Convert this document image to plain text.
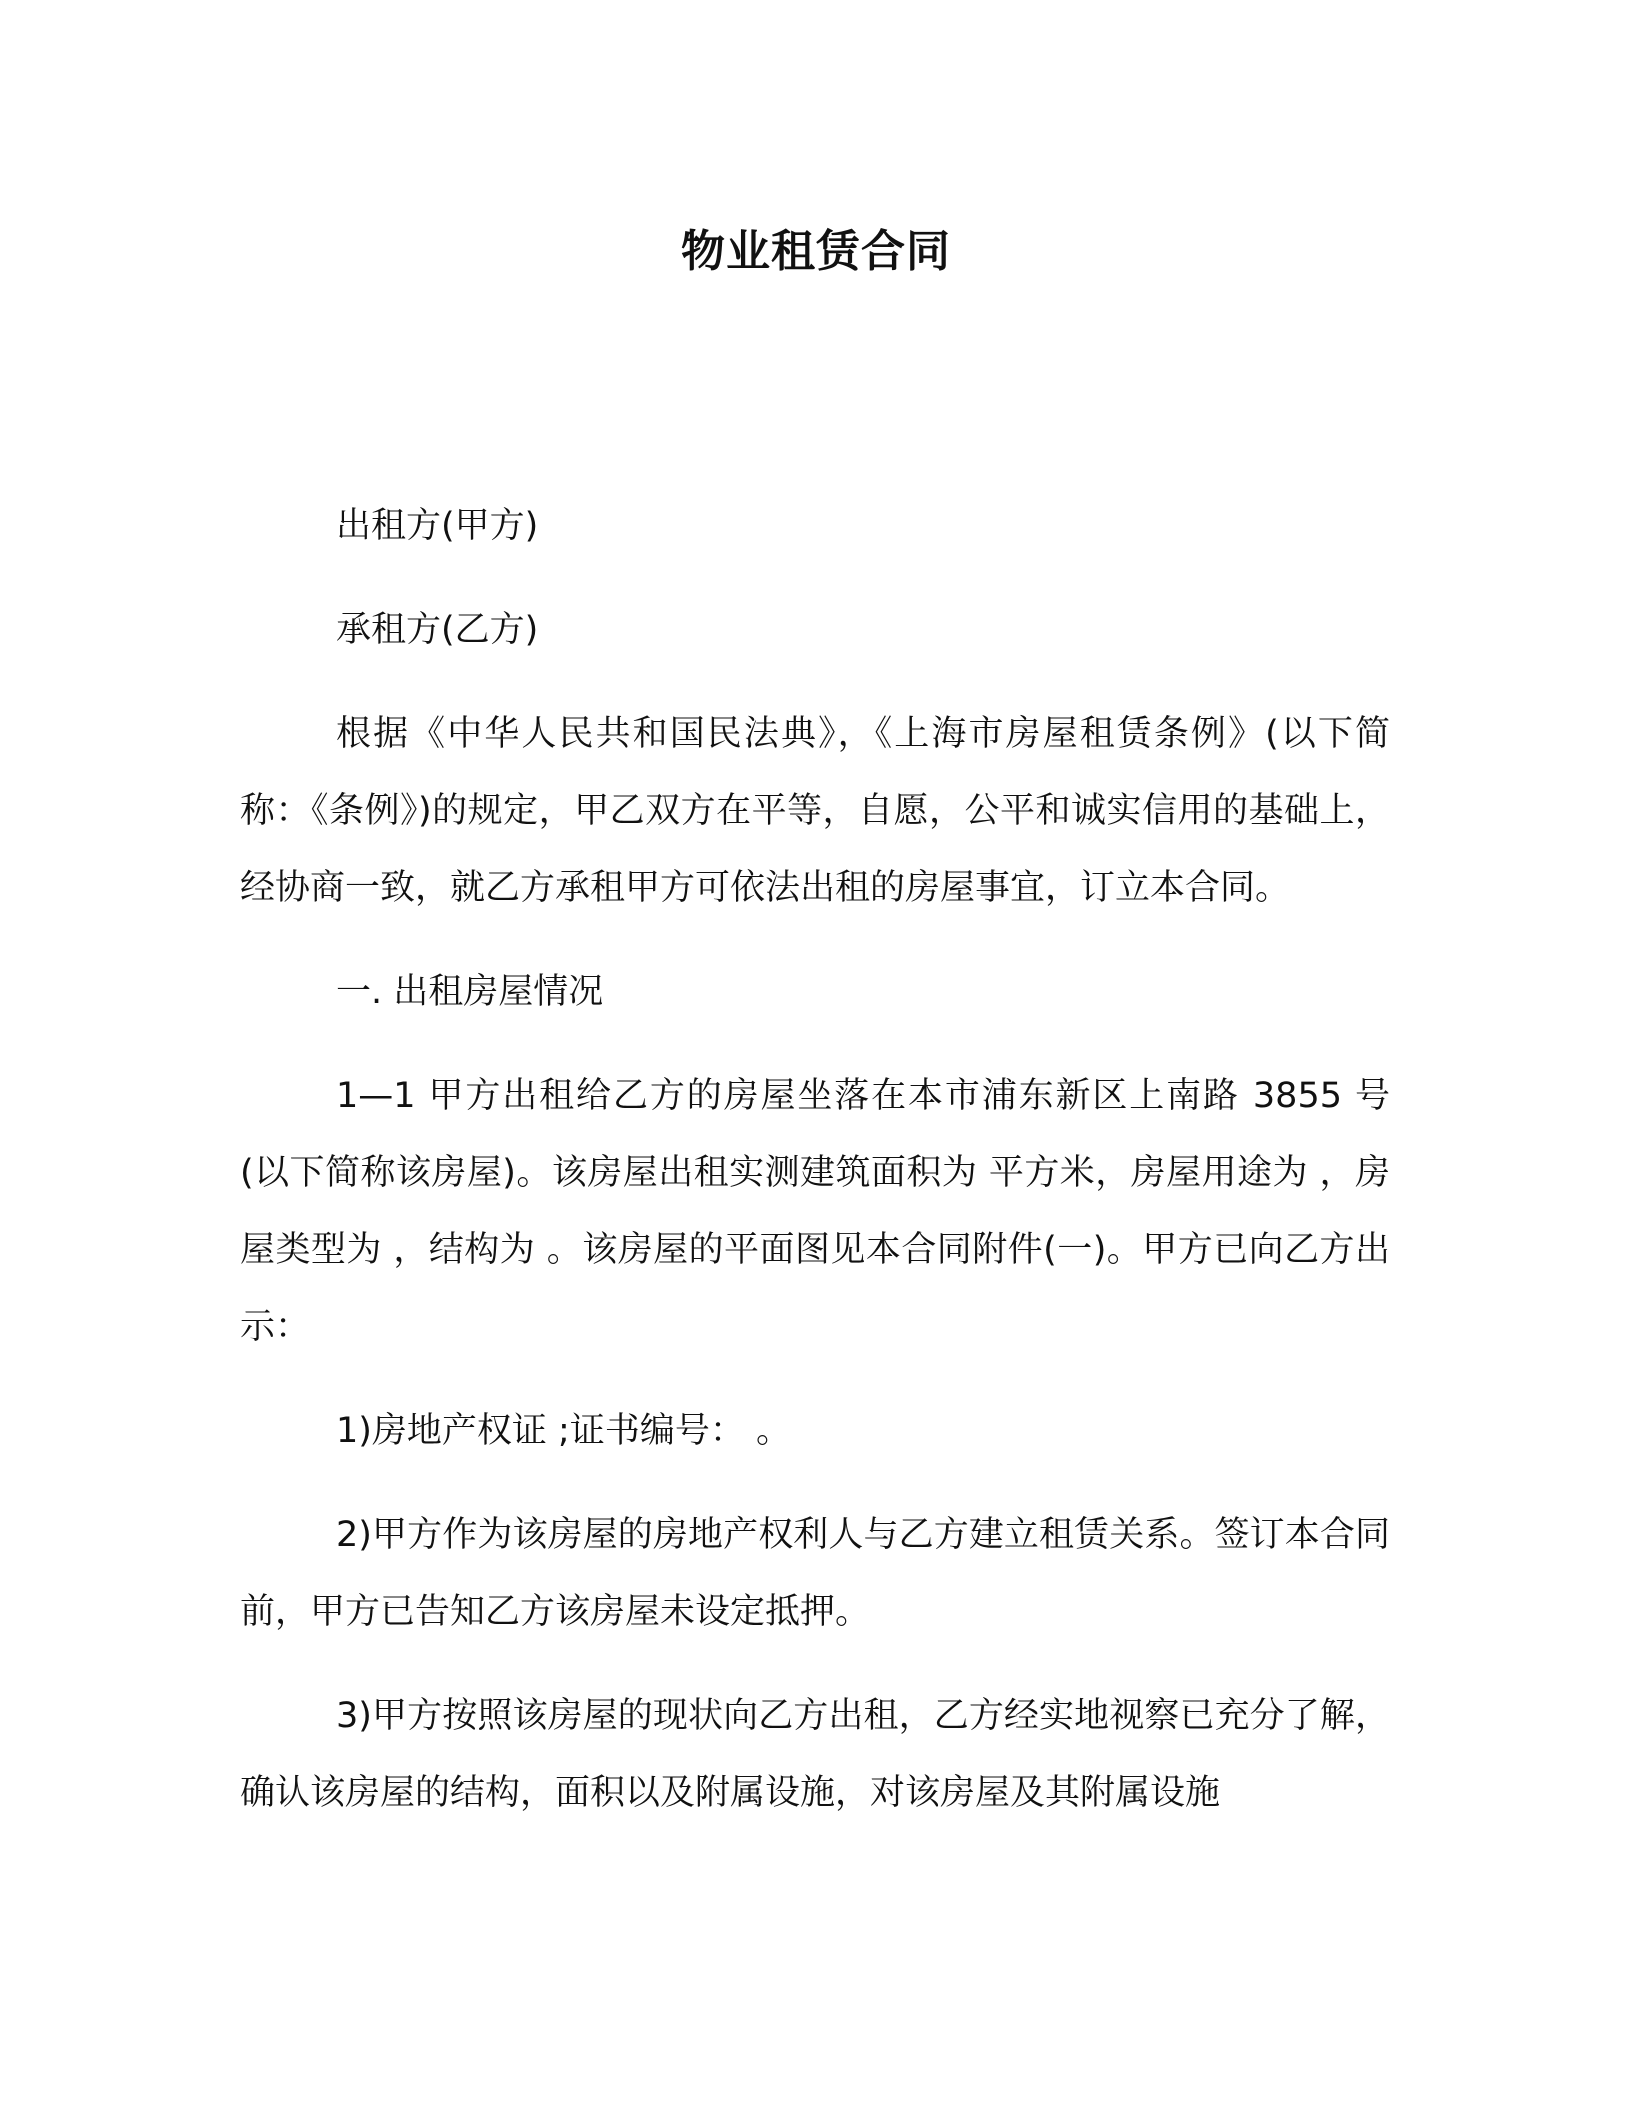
物业租赁合同

出租方(甲方)

承租方(乙方)

根据《中华人民共和国民法典》，《上海市房屋租赁条例》(以下简称：《条例》)的规定，甲乙双方在平等，自愿，公平和诚实信用的基础上，经协商一致，就乙方承租甲方可依法出租的房屋事宜，订立本合同。

一. 出租房屋情况

1—1 甲方出租给乙方的房屋坐落在本市浦东新区上南路 3855 号(以下简称该房屋)。该房屋出租实测建筑面积为 平方米，房屋用途为 ，房屋类型为 ，结构为 。该房屋的平面图见本合同附件(一)。甲方已向乙方出示：

1)房地产权证 ;证书编号： 。

2)甲方作为该房屋的房地产权利人与乙方建立租赁关系。签订本合同前，甲方已告知乙方该房屋未设定抵押。

3)甲方按照该房屋的现状向乙方出租，乙方经实地视察已充分了解，确认该房屋的结构，面积以及附属设施，对该房屋及其附属设施
